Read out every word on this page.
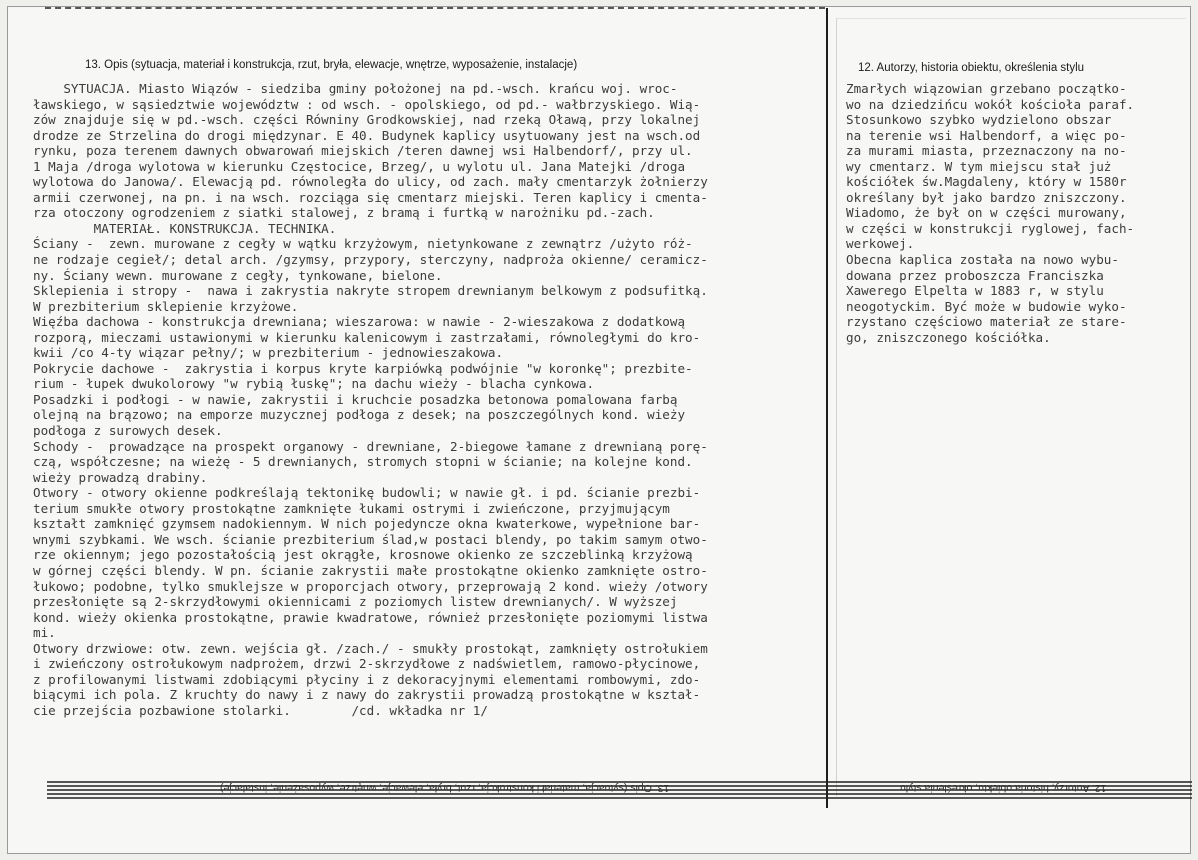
13. Opis (sytuacja, materiał i konstrukcja, rzut, bryła, elewacje, wnętrze, wyposażenie, instalacje)	12. Autorzy, historia obiektu, określenia stylu
SYTUACJA. Miasto Wiązów - siedziba gminy położonej na pd.-wsch. krańcu woj. wroc-
ławskiego, w sąsiedztwie województw : od wsch. - opolskiego, od pd.- wałbrzyskiego. Wią-
zów znajduje się w pd.-wsch. części Równiny Grodkowskiej, nad rzeką Oławą, przy lokalnej
drodze ze Strzelina do drogi międzynar. E 40. Budynek kaplicy usytuowany jest na wsch.od
rynku, poza terenem dawnych obwarowań miejskich /teren dawnej wsi Halbendorf/, przy ul.
1 Maja /droga wylotowa w kierunku Częstocice, Brzeg/, u wylotu ul. Jana Matejki /droga
wylotowa do Janowa/. Elewacją pd. równoległa do ulicy, od zach. mały cmentarzyk żołnierzy
armii czerwonej, na pn. i na wsch. rozciąga się cmentarz miejski. Teren kaplicy i cmenta-
rza otoczony ogrodzeniem z siatki stalowej, z bramą i furtką w narożniku pd.-zach.
MATERIAŁ. KONSTRUKCJA. TECHNIKA.
Ściany -  zewn. murowane z cegły w wątku krzyżowym, nietynkowane z zewnątrz /użyto róż-
ne rodzaje cegieł/; detal arch. /gzymsy, przypory, sterczyny, nadproża okienne/ ceramicz-
ny. Ściany wewn. murowane z cegły, tynkowane, bielone.
Sklepienia i stropy -  nawa i zakrystia nakryte stropem drewnianym belkowym z podsufitką.
W prezbiterium sklepienie krzyżowe.
Więźba dachowa - konstrukcja drewniana; wieszarowa: w nawie - 2-wieszakowa z dodatkową
rozporą, mieczami ustawionymi w kierunku kalenicowym i zastrzałami, równoległymi do kro-
kwii /co 4-ty wiązar pełny/; w prezbiterium - jednowieszakowa.
Pokrycie dachowe -  zakrystia i korpus kryte karpiówką podwójnie "w koronkę"; prezbite-
rium - łupek dwukolorowy "w rybią łuskę"; na dachu wieży - blacha cynkowa.
Posadzki i podłogi - w nawie, zakrystii i kruchcie posadzka betonowa pomalowana farbą
olejną na brązowo; na emporze muzycznej podłoga z desek; na poszczególnych kond. wieży
podłoga z surowych desek.
Schody -  prowadzące na prospekt organowy - drewniane, 2-biegowe łamane z drewnianą porę-
czą, współczesne; na wieżę - 5 drewnianych, stromych stopni w ścianie; na kolejne kond.
wieży prowadzą drabiny.
Otwory - otwory okienne podkreślają tektonikę budowli; w nawie gł. i pd. ścianie prezbi-
terium smukłe otwory prostokątne zamknięte łukami ostrymi i zwieńczone, przyjmującym
kształt zamknięć gzymsem nadokiennym. W nich pojedyncze okna kwaterkowe, wypełnione bar-
wnymi szybkami. We wsch. ścianie prezbiterium ślad,w postaci blendy, po takim samym otwo-
rze okiennym; jego pozostałością jest okrągłe, krosnowe okienko ze szczeblinką krzyżową
w górnej części blendy. W pn. ścianie zakrystii małe prostokątne okienko zamknięte ostro-
łukowo; podobne, tylko smuklejsze w proporcjach otwory, przeprowają 2 kond. wieży /otwory
przesłonięte są 2-skrzydłowymi okiennicami z poziomych listew drewnianych/. W wyższej
kond. wieży okienka prostokątne, prawie kwadratowe, również przesłonięte poziomymi listwa
mi.
Otwory drzwiowe: otw. zewn. wejścia gł. /zach./ - smukły prostokąt, zamknięty ostrołukiem
i zwieńczony ostrołukowym nadprożem, drzwi 2-skrzydłowe z nadświetlem, ramowo-płycinowe,
z profilowanymi listwami zdobiącymi płyciny i z dekoracyjnymi elementami rombowymi, zdo-
biącymi ich pola. Z kruchty do nawy i z nawy do zakrystii prowadzą prostokątne w kształ-
cie przejścia pozbawione stolarki.        /cd. wkładka nr 1/
Zmarłych wiązowian grzebano początko-
wo na dziedzińcu wokół kościoła paraf.
Stosunkowo szybko wydzielono obszar
na terenie wsi Halbendorf, a więc po-
za murami miasta, przeznaczony na no-
wy cmentarz. W tym miejscu stał już
kościółek św.Magdaleny, który w 1580r
określany był jako bardzo zniszczony.
Wiadomo, że był on w części murowany,
w części w konstrukcji ryglowej, fach-
werkowej.
Obecna kaplica została na nowo wybu-
dowana przez proboszcza Franciszka
Xawerego Elpelta w 1883 r, w stylu
neogotyckim. Być może w budowie wyko-
rzystano częściowo materiał ze stare-
go, zniszczonego kościółka.
13. Opis (sytuacja, materiał i konstrukcja, rzut, bryła, elewacje, wnętrze, wyposażenie, instalacje)	12. Autorzy, historia obiektu, określenia stylu
